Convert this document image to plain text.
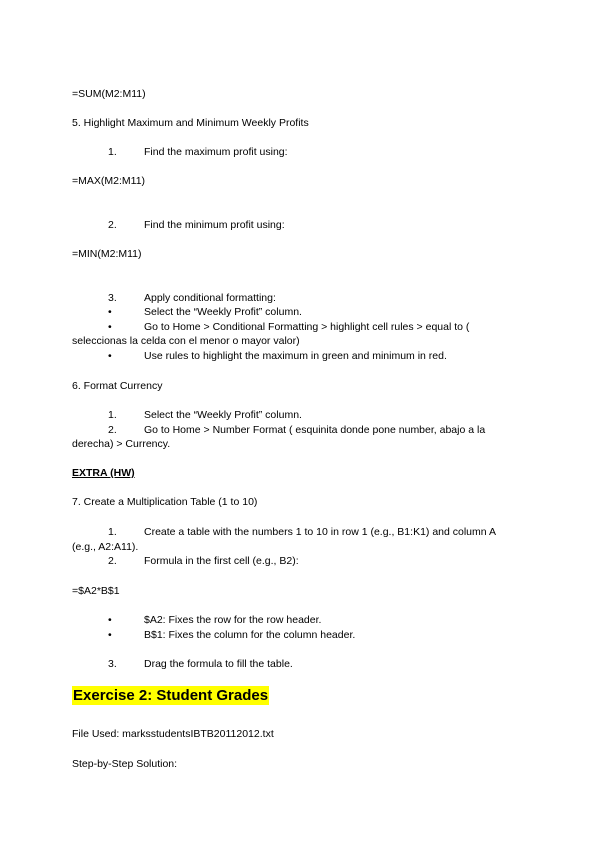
=SUM(M2:M11)
5. Highlight Maximum and Minimum Weekly Profits
1.	Find the maximum profit using:
=MAX(M2:M11)
2.	Find the minimum profit using:
=MIN(M2:M11)
3.	Apply conditional formatting:
•	Select the “Weekly Profit” column.
•	Go to Home > Conditional Formatting > highlight cell rules > equal to (
seleccionas la celda con el menor o mayor valor)
•	Use rules to highlight the maximum in green and minimum in red.
6. Format Currency
1.	Select the “Weekly Profit” column.
2.	Go to Home > Number Format ( esquinita donde pone number, abajo a la
derecha) > Currency.
EXTRA (HW)
7. Create a Multiplication Table (1 to 10)
1.	Create a table with the numbers 1 to 10 in row 1 (e.g., B1:K1) and column A
(e.g., A2:A11).
2.	Formula in the first cell (e.g., B2):
=$A2*B$1
•	$A2: Fixes the row for the row header.
•	B$1: Fixes the column for the column header.
3.	Drag the formula to fill the table.
Exercise 2: Student Grades
File Used: marksstudentsIBTB20112012.txt
Step-by-Step Solution:
